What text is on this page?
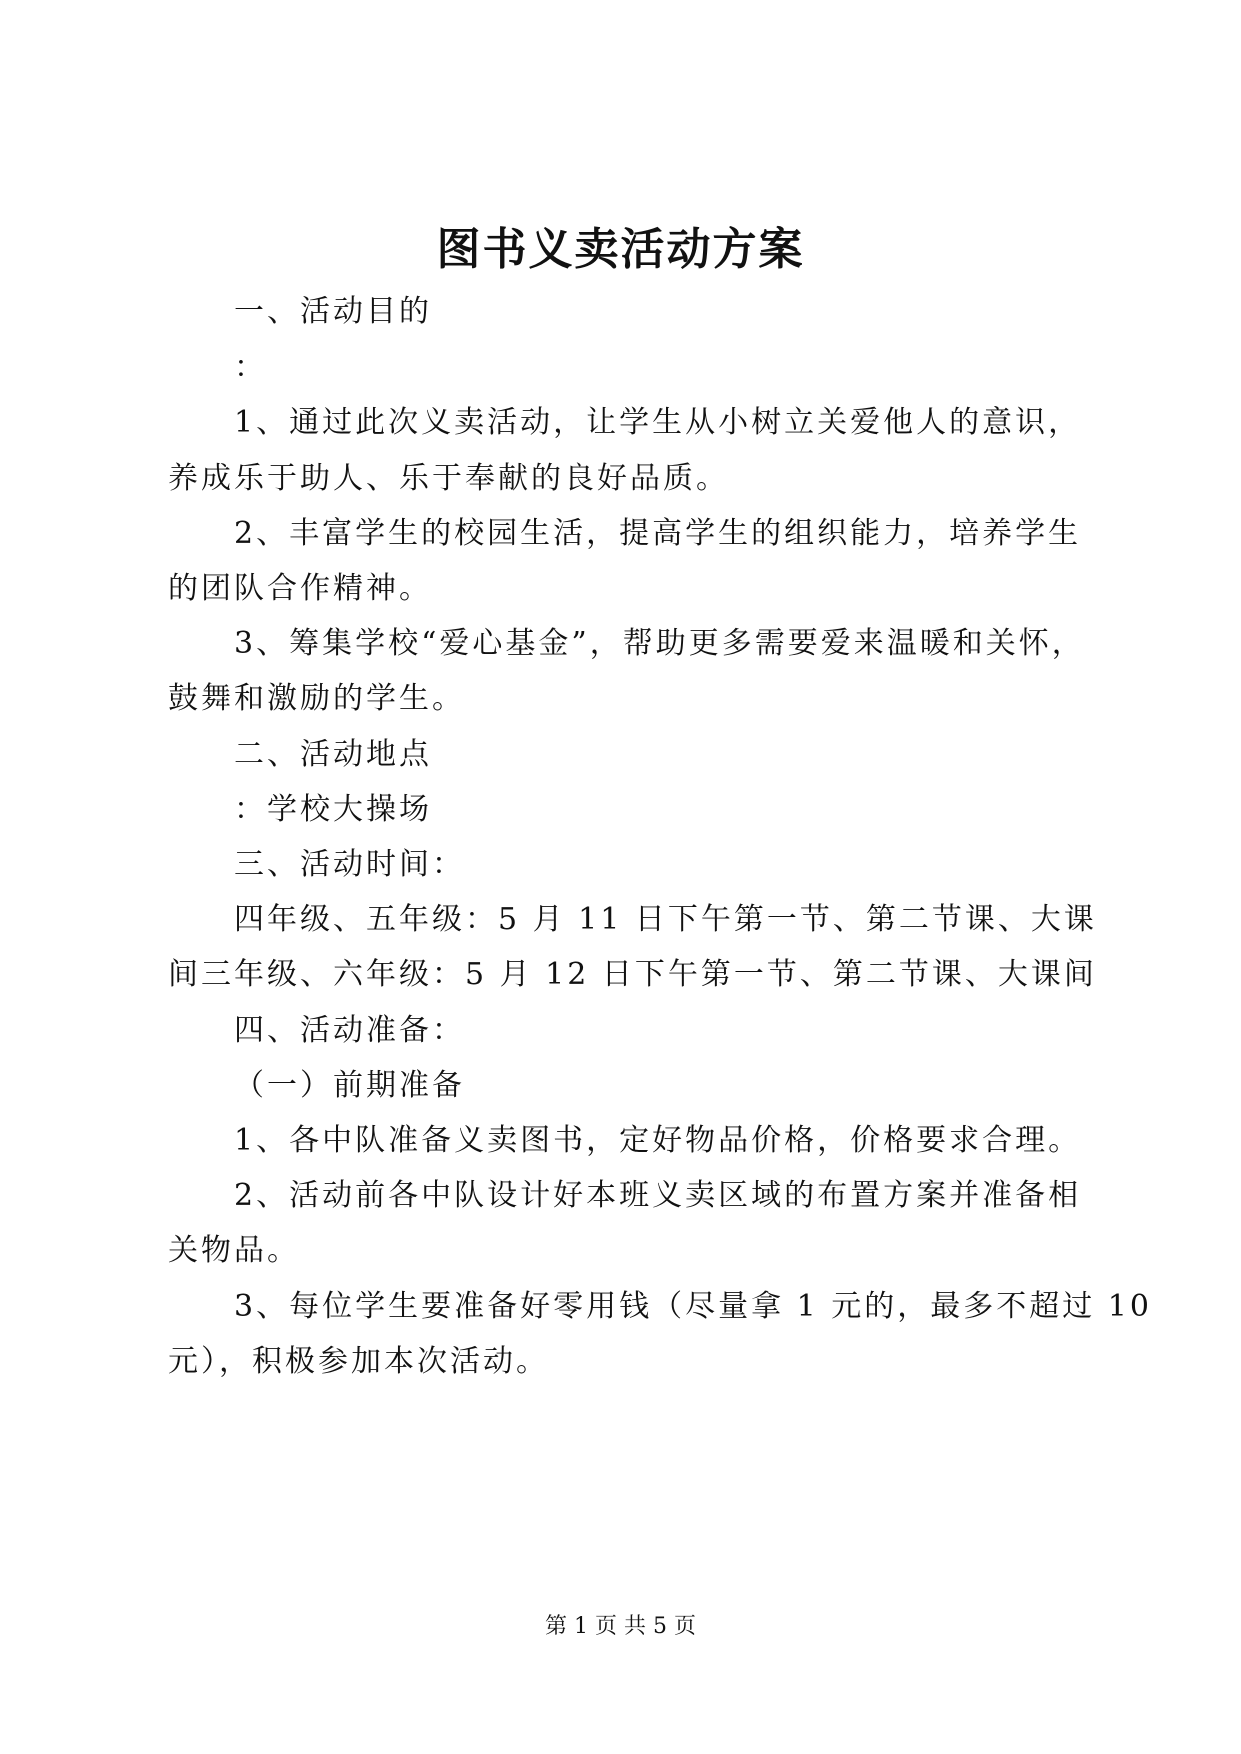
图书义卖活动方案
一、活动目的
：
1、通过此次义卖活动，让学生从小树立关爱他人的意识，
养成乐于助人、乐于奉献的良好品质。
2、丰富学生的校园生活，提高学生的组织能力，培养学生
的团队合作精神。
3、筹集学校“爱心基金”，帮助更多需要爱来温暖和关怀，
鼓舞和激励的学生。
二、活动地点
：学校大操场
三、活动时间：
四年级、五年级：5 月 11 日下午第一节、第二节课、大课
间三年级、六年级：5 月 12 日下午第一节、第二节课、大课间
四、活动准备：
（一）前期准备
1、各中队准备义卖图书，定好物品价格，价格要求合理。
2、活动前各中队设计好本班义卖区域的布置方案并准备相
关物品。
3、每位学生要准备好零用钱（尽量拿 1 元的，最多不超过 10
元），积极参加本次活动。
第 1 页 共 5 页
